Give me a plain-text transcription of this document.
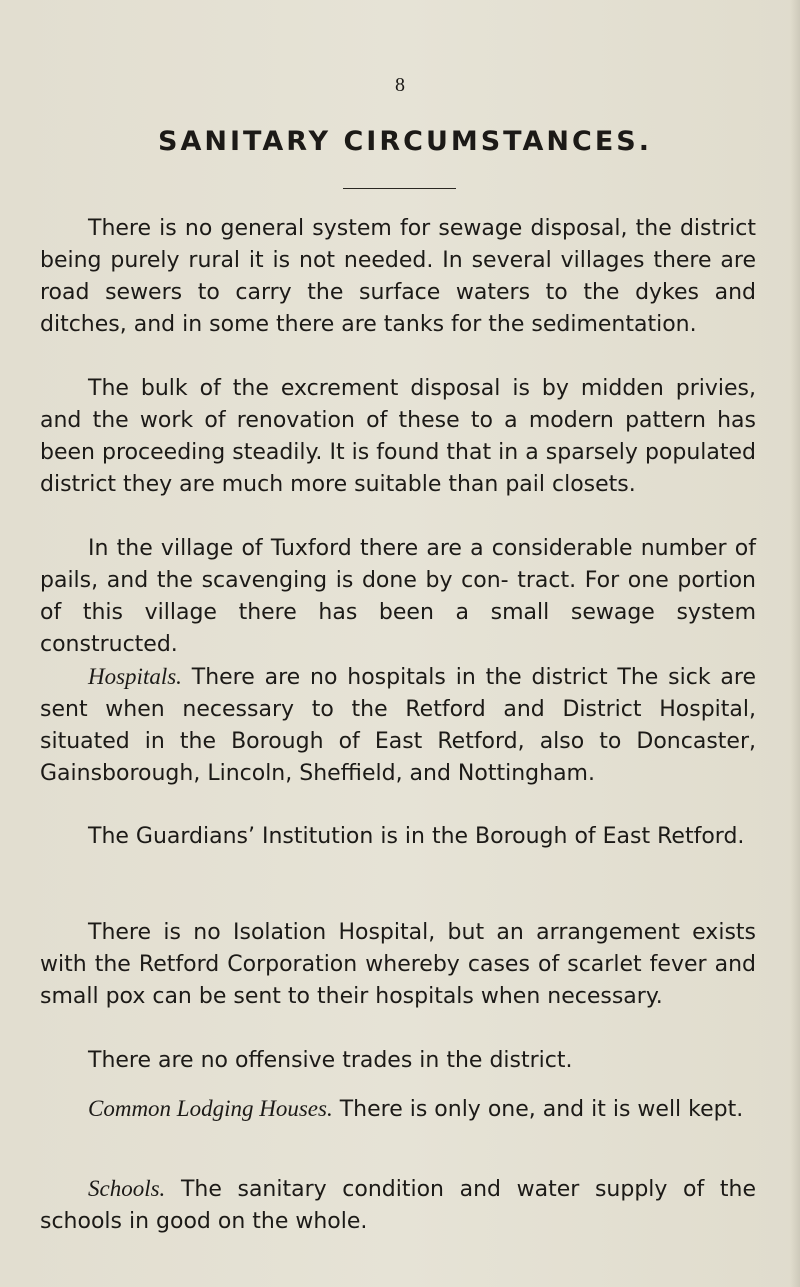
8
SANITARY CIRCUMSTANCES.

There is no general system for sewage disposal, the district being purely rural it is not needed. In several villages there are road sewers to carry the surface waters to the dykes and ditches, and in some there are tanks for the sedimentation.

The bulk of the excrement disposal is by midden privies, and the work of renovation of these to a modern pattern has been proceeding steadily. It is found that in a sparsely populated district they are much more suitable than pail closets.

In the village of Tuxford there are a considerable number of pails, and the scavenging is done by con- tract. For one portion of this village there has been a small sewage system constructed.

Hospitals. There are no hospitals in the district The sick are sent when necessary to the Retford and District Hospital, situated in the Borough of East Retford, also to Doncaster, Gainsborough, Lincoln, Sheffield, and Nottingham.

The Guardians’ Institution is in the Borough of East Retford.

There is no Isolation Hospital, but an arrangement exists with the Retford Corporation whereby cases of scarlet fever and small pox can be sent to their hospitals when necessary.

There are no offensive trades in the district.

Common Lodging Houses. There is only one, and it is well kept.

Schools. The sanitary condition and water supply of the schools in good on the whole.
